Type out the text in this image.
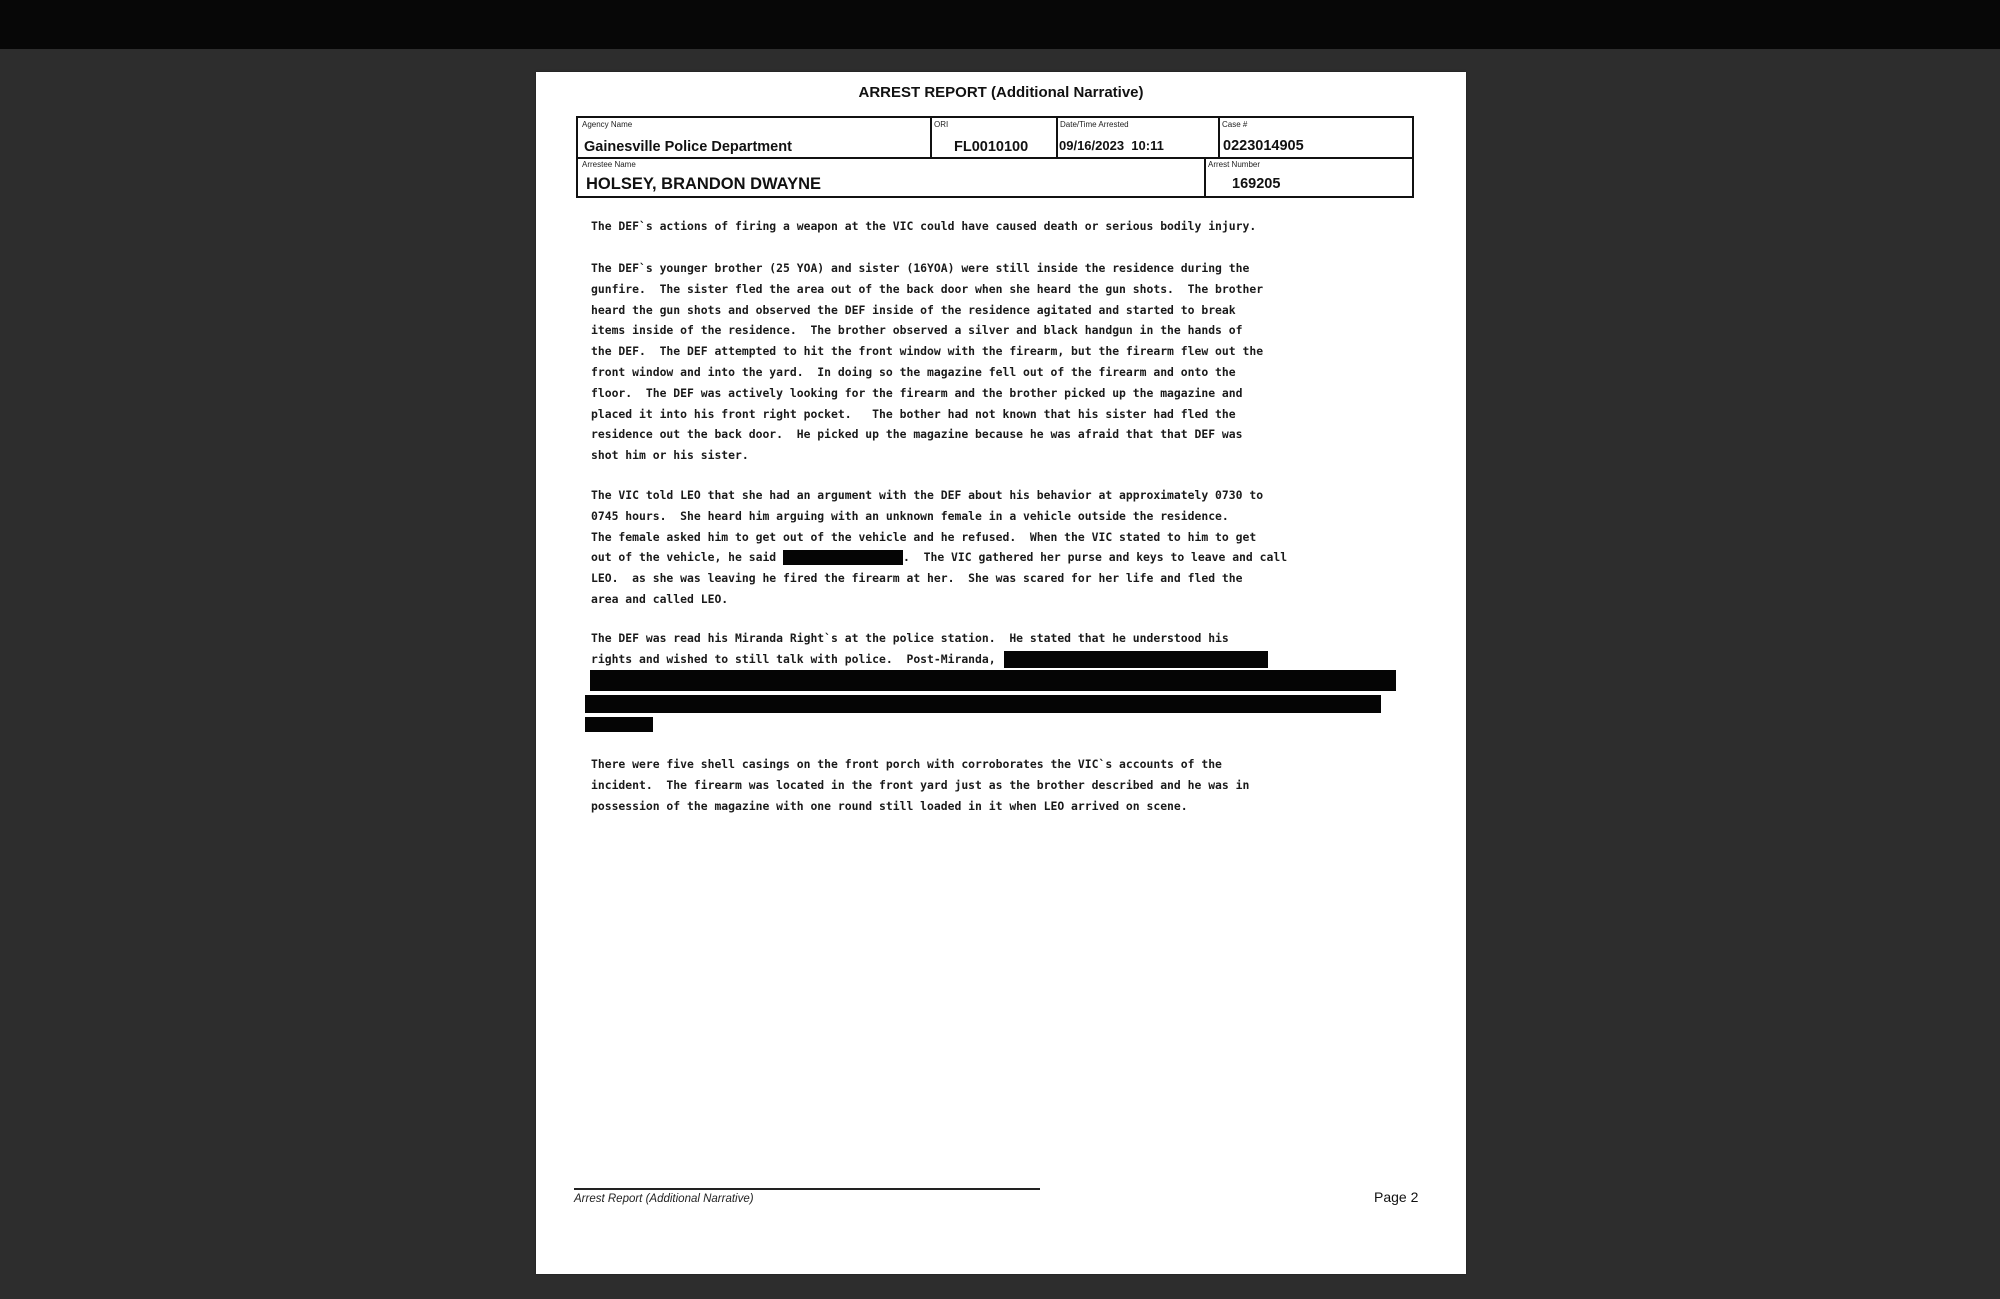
ARREST REPORT (Additional Narrative)
Agency Name
Gainesville Police Department
ORI
FL0010100
Date/Time Arrested
09/16/2023  10:11
Case #
0223014905
Arrestee Name
HOLSEY, BRANDON DWAYNE
Arrest Number
169205

The DEF`s actions of firing a weapon at the VIC could have caused death or serious bodily injury.

The DEF`s younger brother (25 YOA) and sister (16YOA) were still inside the residence during the

gunfire.  The sister fled the area out of the back door when she heard the gun shots.  The brother

heard the gun shots and observed the DEF inside of the residence agitated and started to break

items inside of the residence.  The brother observed a silver and black handgun in the hands of

the DEF.  The DEF attempted to hit the front window with the firearm, but the firearm flew out the

front window and into the yard.  In doing so the magazine fell out of the firearm and onto the

floor.  The DEF was actively looking for the firearm and the brother picked up the magazine and

placed it into his front right pocket.   The bother had not known that his sister had fled the

residence out the back door.  He picked up the magazine because he was afraid that that DEF was

shot him or his sister.

The VIC told LEO that she had an argument with the DEF about his behavior at approximately 0730 to

0745 hours.  She heard him arguing with an unknown female in a vehicle outside the residence.

The female asked him to get out of the vehicle and he refused.  When the VIC stated to him to get

out of the vehicle, he said	.  The VIC gathered her purse and keys to leave and call

LEO.  as she was leaving he fired the firearm at her.  She was scared for her life and fled the

area and called LEO.

The DEF was read his Miranda Right`s at the police station.  He stated that he understood his

rights and wished to still talk with police.  Post-Miranda,

There were five shell casings on the front porch with corroborates the VIC`s accounts of the

incident.  The firearm was located in the front yard just as the brother described and he was in

possession of the magazine with one round still loaded in it when LEO arrived on scene.

Arrest Report (Additional Narrative)	Page 2
